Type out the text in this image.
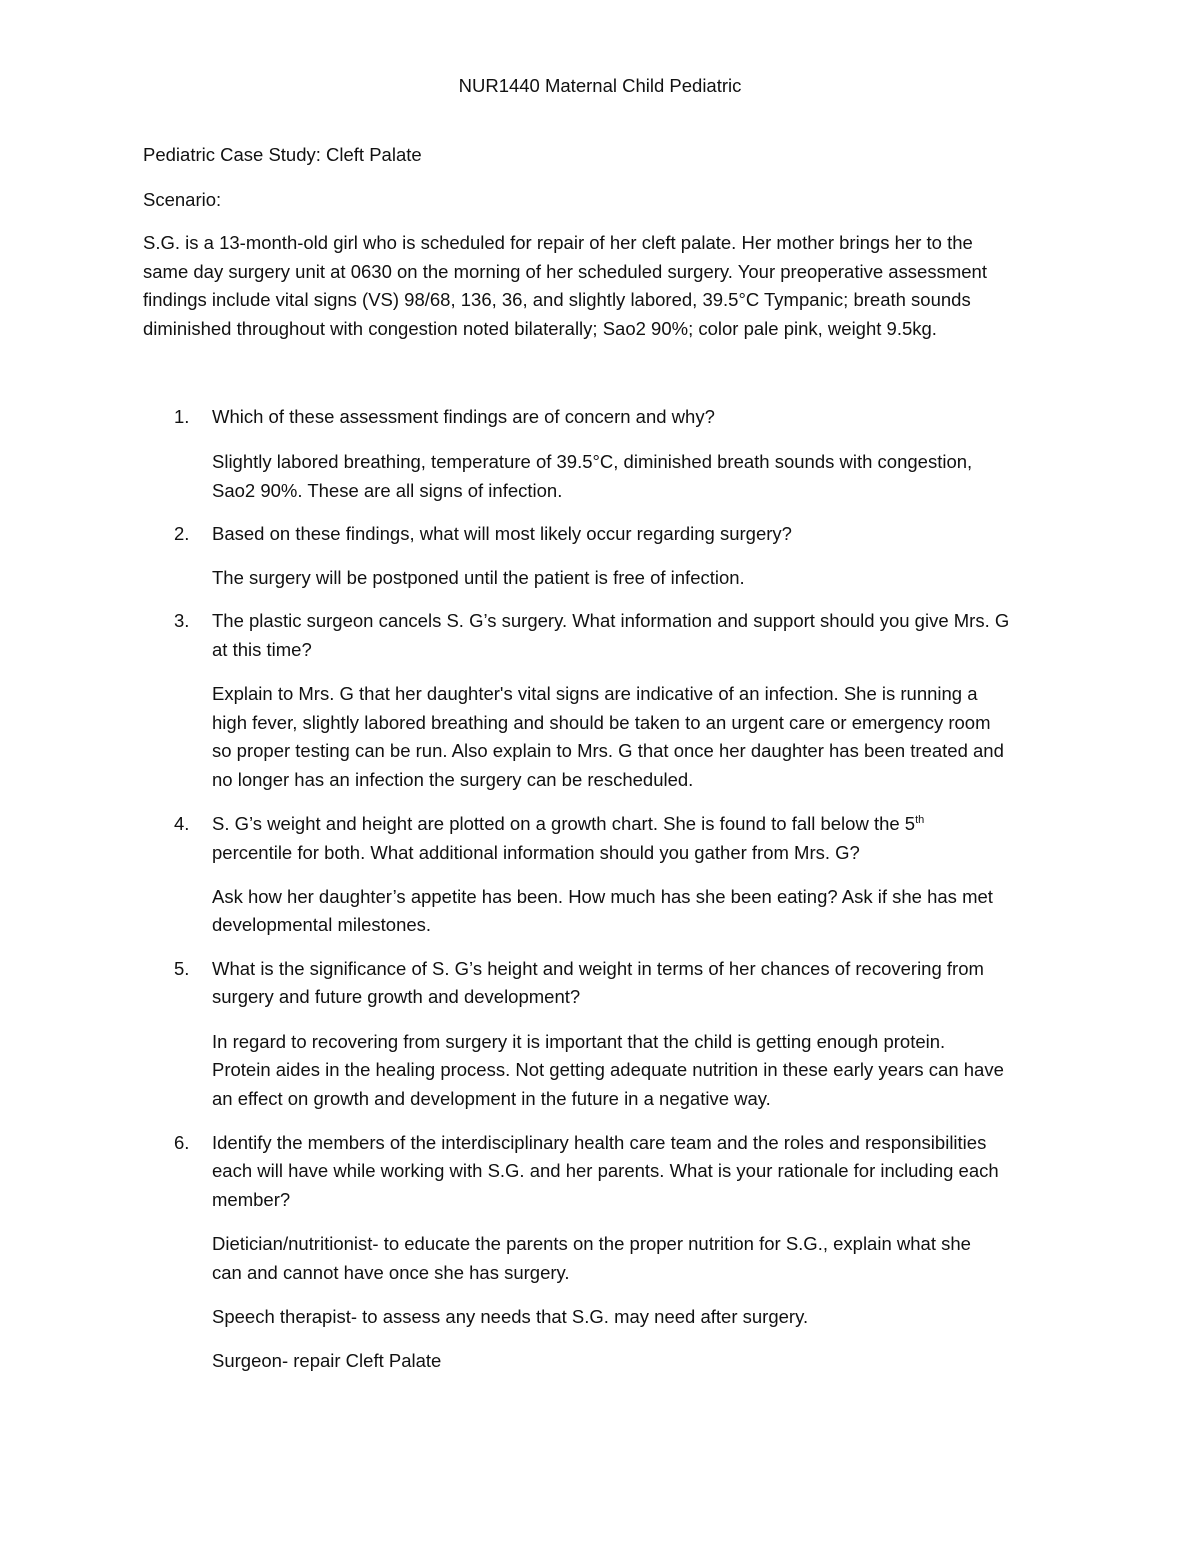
NUR1440 Maternal Child Pediatric
Pediatric Case Study: Cleft Palate
Scenario:
S.G. is a 13-month-old girl who is scheduled for repair of her cleft palate. Her mother brings her to the
same day surgery unit at 0630 on the morning of her scheduled surgery. Your preoperative assessment
findings include vital signs (VS) 98/68, 136, 36, and slightly labored, 39.5°C Tympanic; breath sounds
diminished throughout with congestion noted bilaterally; Sao2 90%; color pale pink, weight 9.5kg.
1. Which of these assessment findings are of concern and why?
Slightly labored breathing, temperature of 39.5°C, diminished breath sounds with congestion,
Sao2 90%. These are all signs of infection.
2. Based on these findings, what will most likely occur regarding surgery?
The surgery will be postponed until the patient is free of infection.
3. The plastic surgeon cancels S. G’s surgery. What information and support should you give Mrs. G
at this time?
Explain to Mrs. G that her daughter's vital signs are indicative of an infection. She is running a
high fever, slightly labored breathing and should be taken to an urgent care or emergency room
so proper testing can be run. Also explain to Mrs. G that once her daughter has been treated and
no longer has an infection the surgery can be rescheduled.
4. S. G’s weight and height are plotted on a growth chart. She is found to fall below the 5th
percentile for both. What additional information should you gather from Mrs. G?
Ask how her daughter’s appetite has been. How much has she been eating? Ask if she has met
developmental milestones.
5. What is the significance of S. G’s height and weight in terms of her chances of recovering from
surgery and future growth and development?
In regard to recovering from surgery it is important that the child is getting enough protein.
Protein aides in the healing process. Not getting adequate nutrition in these early years can have
an effect on growth and development in the future in a negative way.
6. Identify the members of the interdisciplinary health care team and the roles and responsibilities
each will have while working with S.G. and her parents. What is your rationale for including each
member?
Dietician/nutritionist- to educate the parents on the proper nutrition for S.G., explain what she
can and cannot have once she has surgery.
Speech therapist- to assess any needs that S.G. may need after surgery.
Surgeon- repair Cleft Palate
